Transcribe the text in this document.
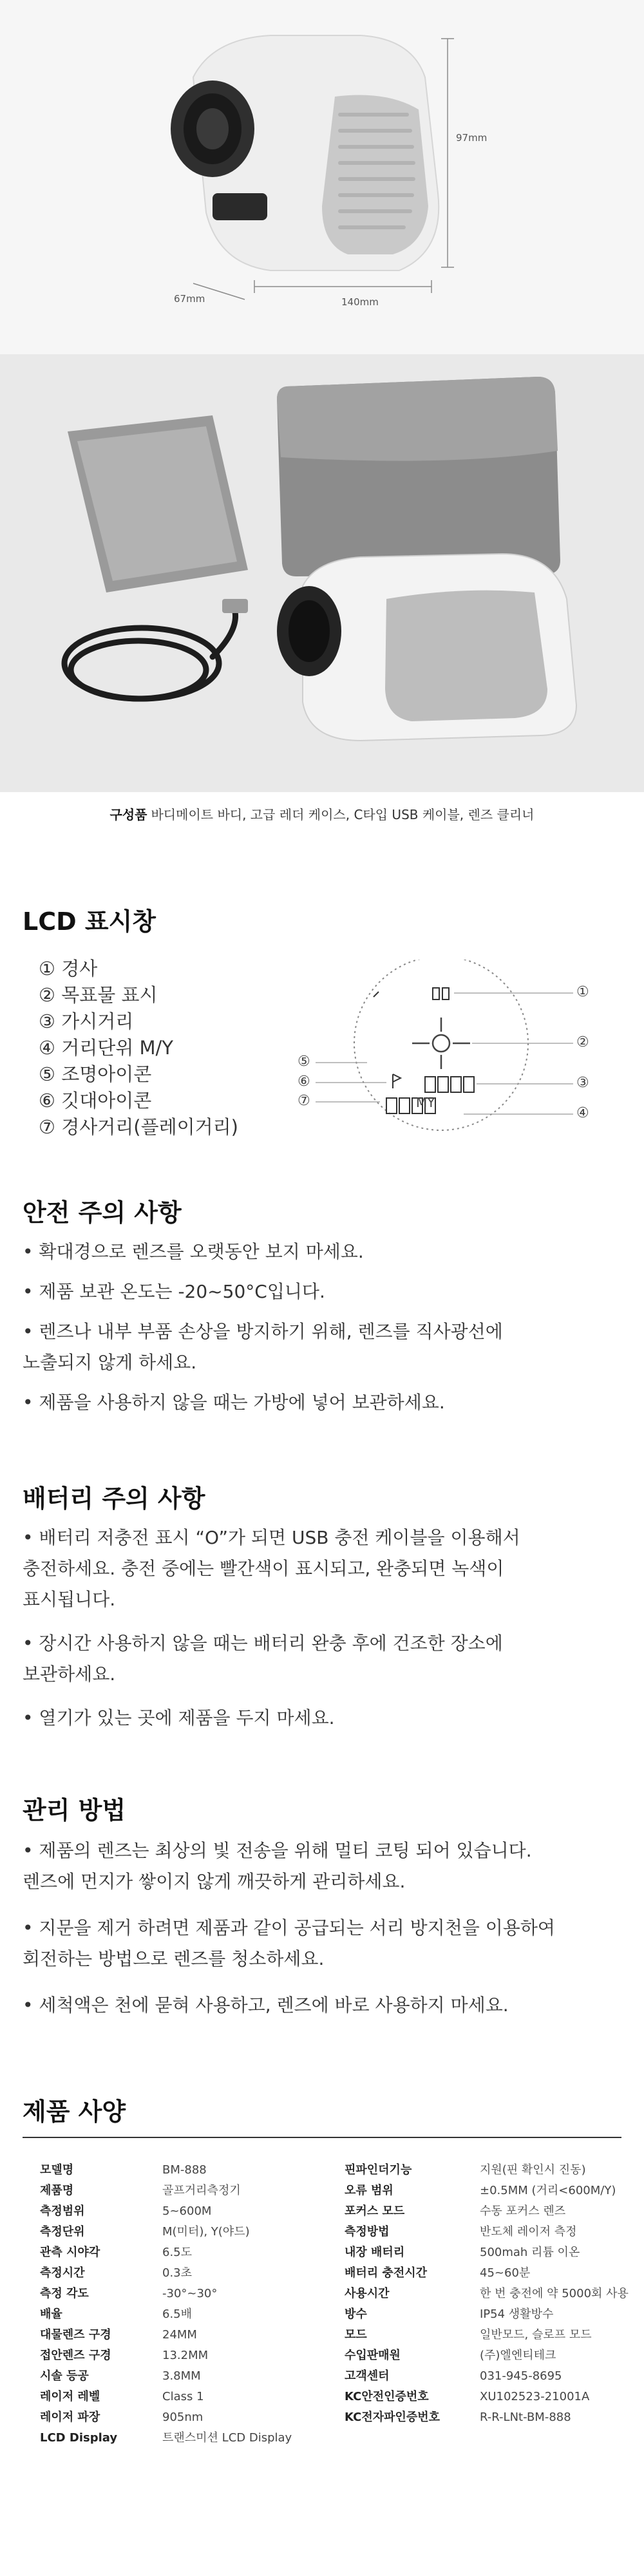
97mm
140mm
67mm
구성품 바디메이트 바디, 고급 레더 케이스, C타입 USB 케이블, 렌즈 클리너
LCD 표시창
① 경사
② 목표물 표시
③ 가시거리
④ 거리단위 M/Y
⑤ 조명아이콘
⑥ 깃대아이콘
⑦ 경사거리(플레이거리)
MY
①
②
③
④
⑤
⑥
⑦
안전 주의 사항
• 확대경으로 렌즈를 오랫동안 보지 마세요.
• 제품 보관 온도는 -20~50°C입니다.
• 렌즈나 내부 부품 손상을 방지하기 위해, 렌즈를 직사광선에
노출되지 않게 하세요.
• 제품을 사용하지 않을 때는 가방에 넣어 보관하세요.
배터리 주의 사항
• 배터리 저충전 표시 “O”가 되면 USB 충전 케이블을 이용해서
충전하세요. 충전 중에는 빨간색이 표시되고, 완충되면 녹색이
표시됩니다.
• 장시간 사용하지 않을 때는 배터리 완충 후에 건조한 장소에
보관하세요.
• 열기가 있는 곳에 제품을 두지 마세요.
관리 방법
• 제품의 렌즈는 최상의 빛 전송을 위해 멀티 코팅 되어 있습니다.
렌즈에 먼지가 쌓이지 않게 깨끗하게 관리하세요.
• 지문을 제거 하려면 제품과 같이 공급되는 서리 방지천을 이용하여
회전하는 방법으로 렌즈를 청소하세요.
• 세척액은 천에 묻혀 사용하고, 렌즈에 바로 사용하지 마세요.
제품 사양
모델명	BM-888
제품명	골프거리측정기
측정범위	5~600M
측정단위	M(미터), Y(야드)
관측 시야각	6.5도
측정시간	0.3초
측정 각도	-30°~30°
배율	6.5배
대물렌즈 구경	24MM
접안렌즈 구경	13.2MM
시솔 등공	3.8MM
레이저 레벨	Class 1
레이저 파장	905nm
LCD Display	트랜스미션 LCD Display
핀파인더기능	지원(핀 확인시 진동)
오류 범위	±0.5MM (거리<600M/Y)
포커스 모드	수동 포커스 렌즈
측정방법	반도체 레이저 측정
내장 배터리	500mah 리튬 이온
배터리 충전시간	45~60분
사용시간	한 번 충전에 약 5000회 사용
방수	IP54 생활방수
모드	일반모드, 슬로프 모드
수입판매원	(주)엘엔티테크
고객센터	031-945-8695
KC안전인증번호	XU102523-21001A
KC전자파인증번호	R-R-LNt-BM-888
